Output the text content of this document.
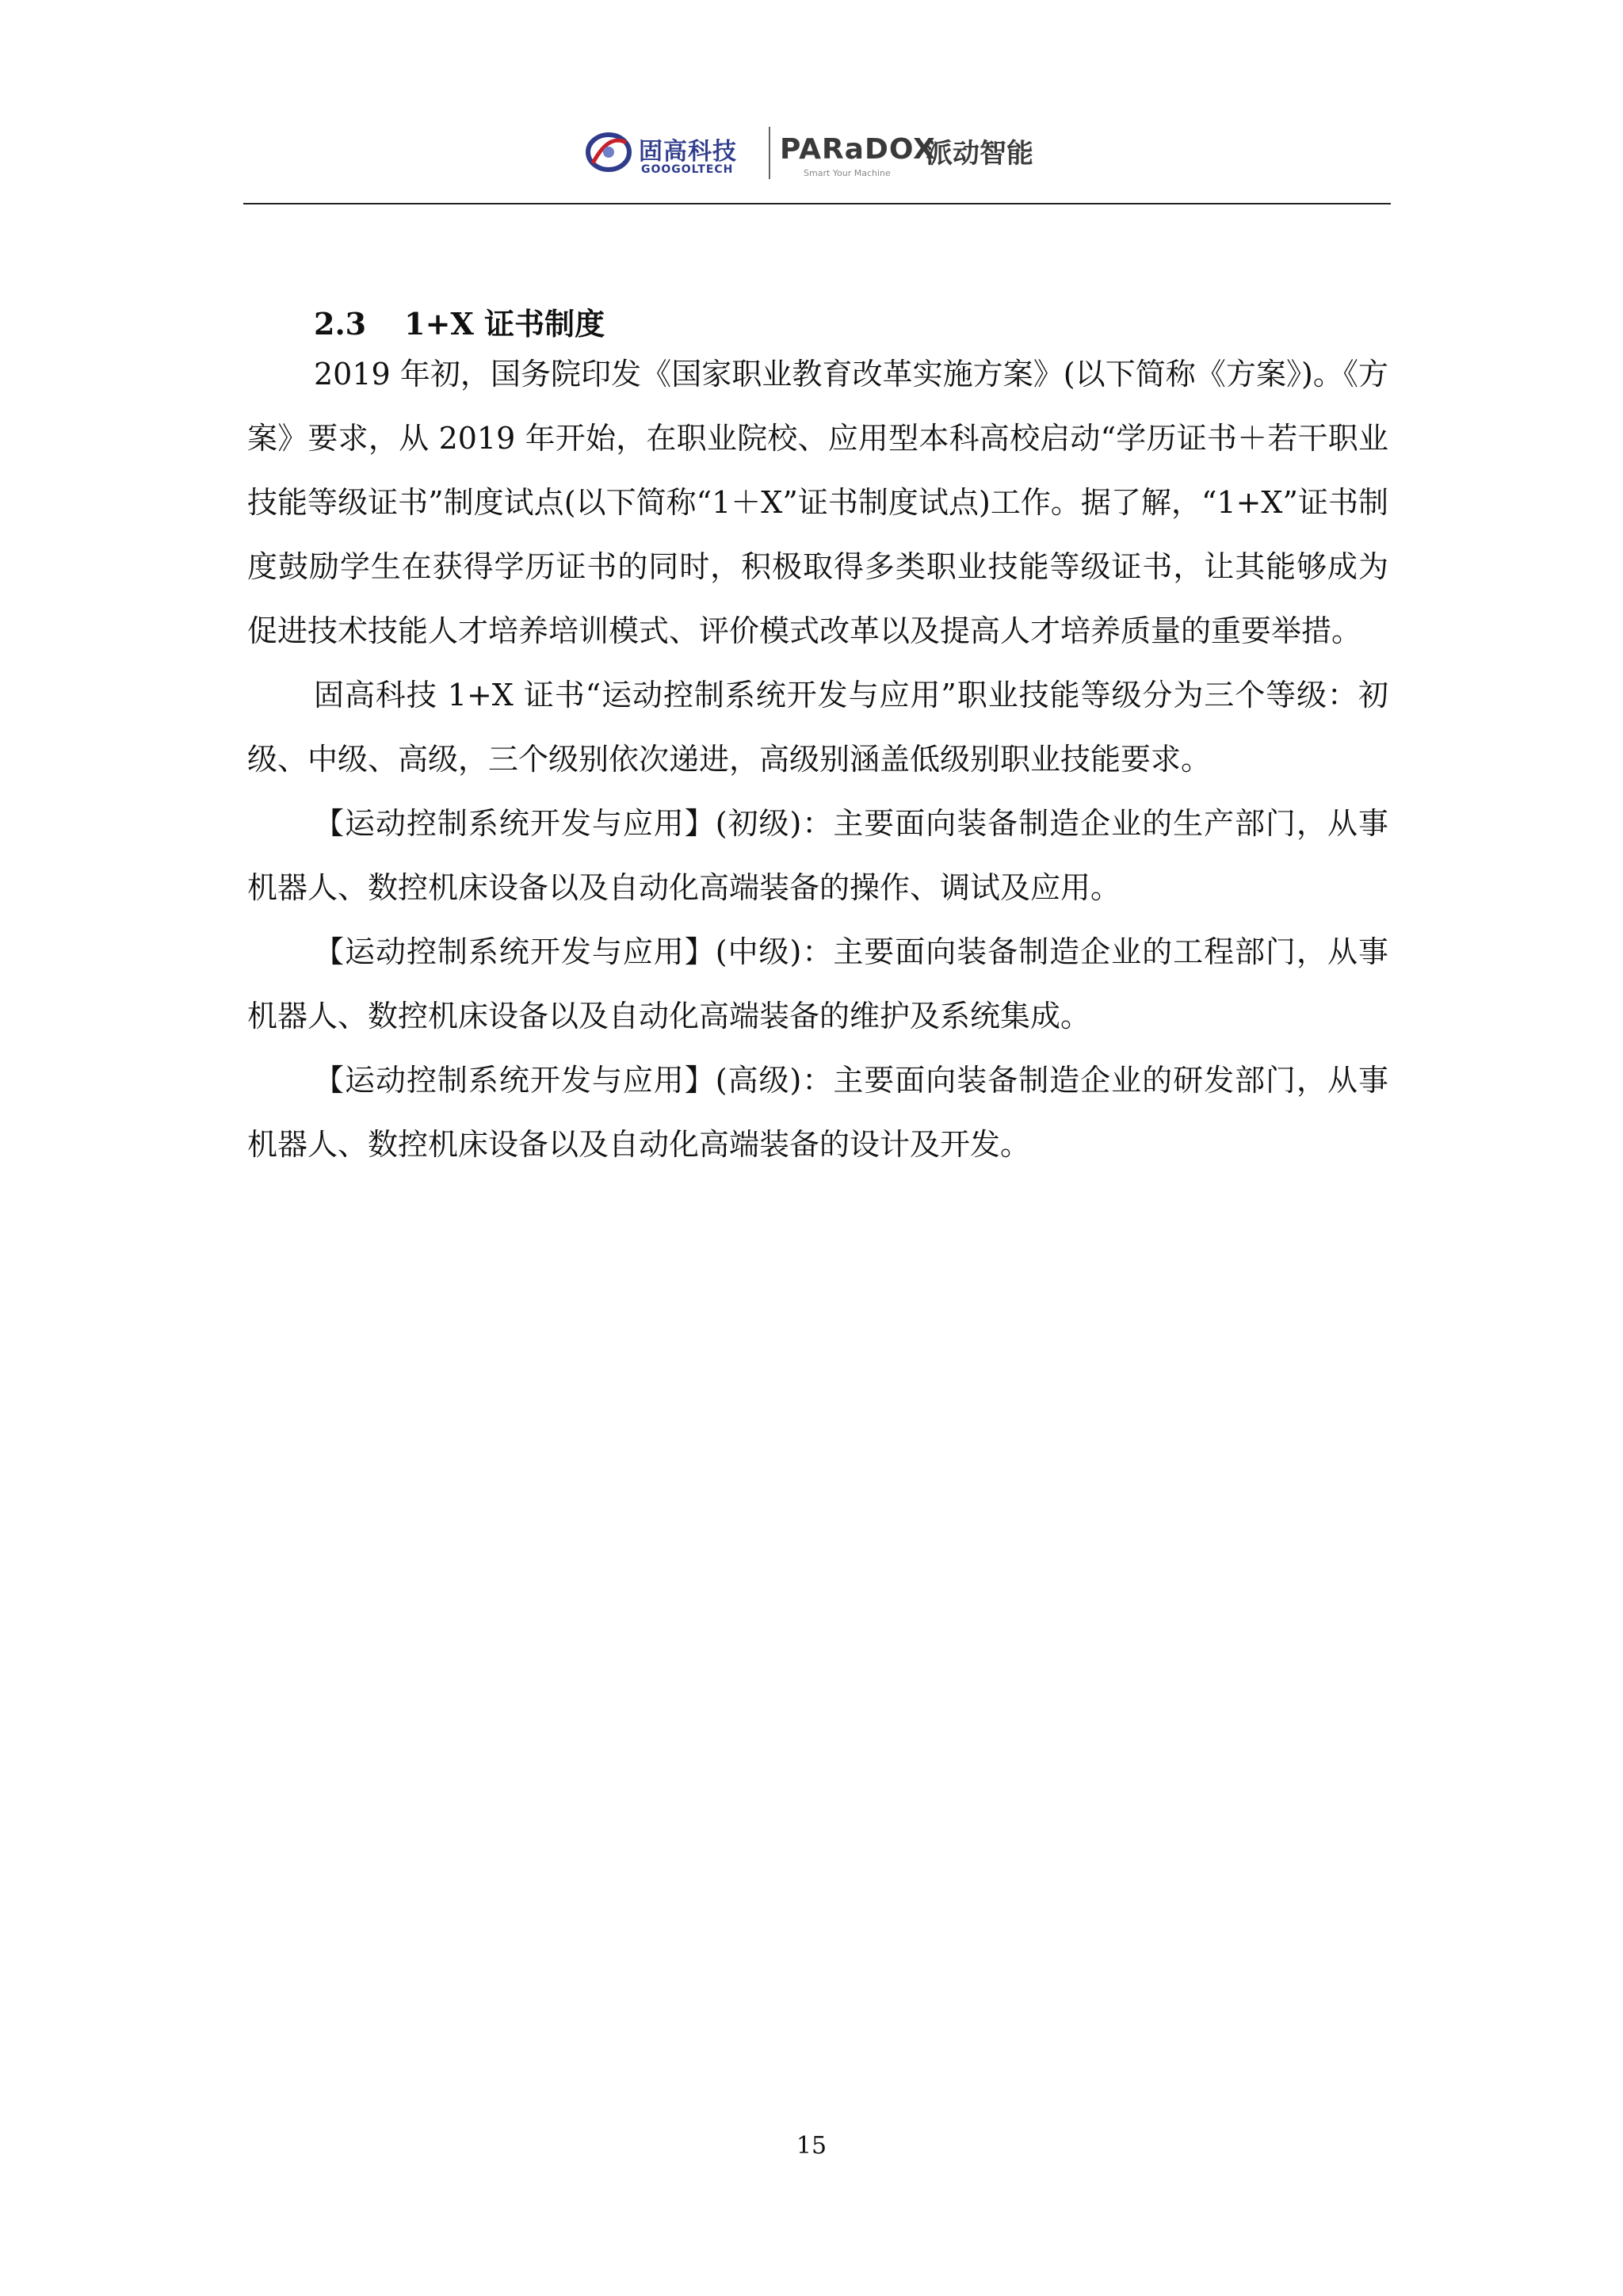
固高科技
GOOGOLTECH
PARaDOX
Smart Your Machine
派动智能
2.3 1+X 证书制度

2019 年初，国务院印发《国家职业教育改革实施方案》(以下简称《方案》)。《方案》要求，从 2019 年开始，在职业院校、应用型本科高校启动“学历证书＋若干职业技能等级证书”制度试点(以下简称“1＋X”证书制度试点)工作。据了解，“1+X”证书制度鼓励学生在获得学历证书的同时，积极取得多类职业技能等级证书，让其能够成为促进技术技能人才培养培训模式、评价模式改革以及提高人才培养质量的重要举措。

固高科技 1+X 证书“运动控制系统开发与应用”职业技能等级分为三个等级：初级、中级、高级，三个级别依次递进，高级别涵盖低级别职业技能要求。

【运动控制系统开发与应用】(初级)：主要面向装备制造企业的生产部门，从事机器人、数控机床设备以及自动化高端装备的操作、调试及应用。

【运动控制系统开发与应用】(中级)：主要面向装备制造企业的工程部门，从事机器人、数控机床设备以及自动化高端装备的维护及系统集成。

【运动控制系统开发与应用】(高级)：主要面向装备制造企业的研发部门，从事机器人、数控机床设备以及自动化高端装备的设计及开发。

15
